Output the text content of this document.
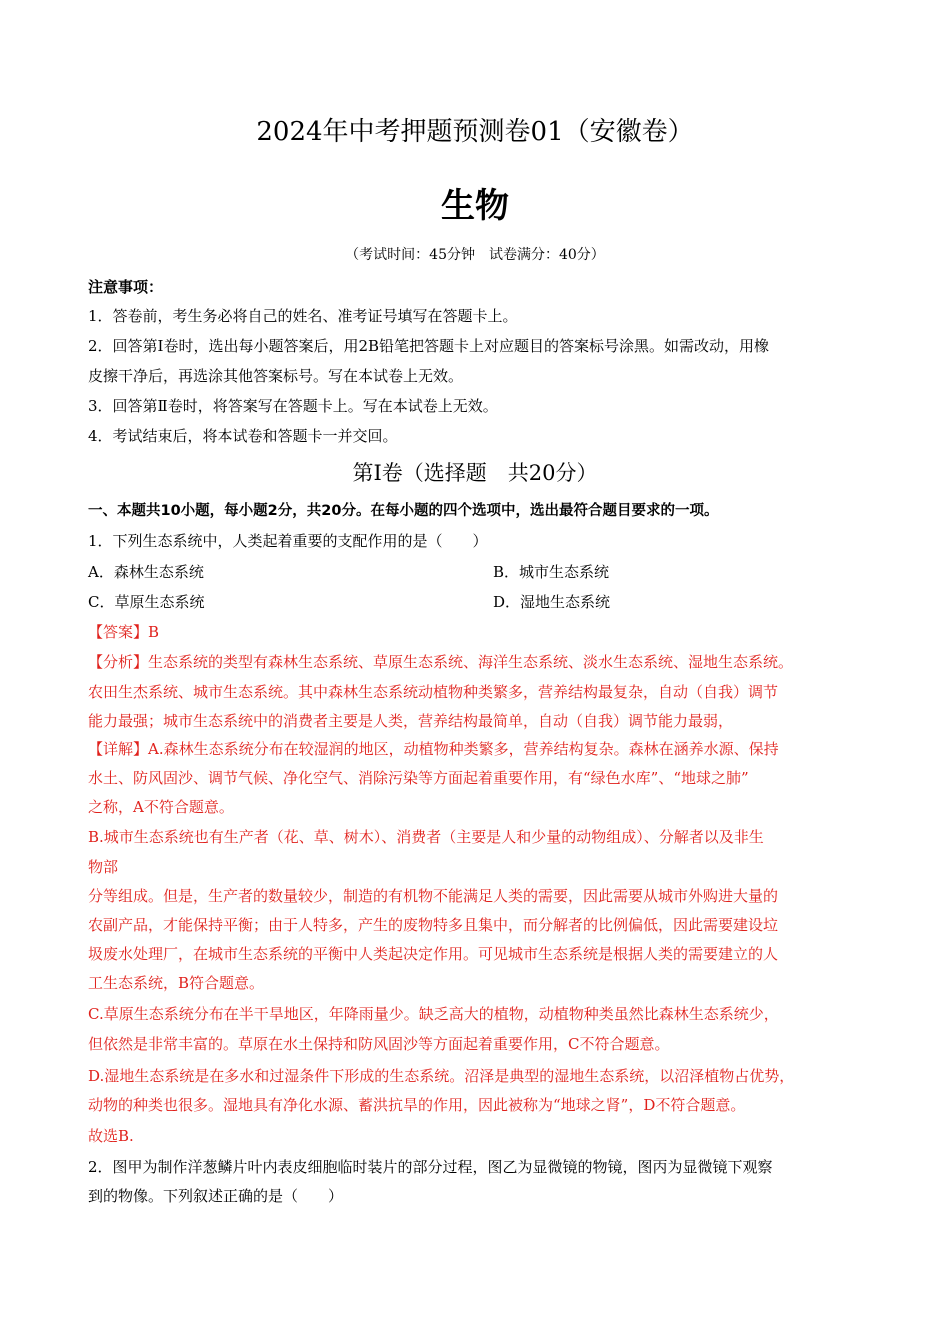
2024年中考押题预测卷01（安徽卷）
生物
（考试时间：45分钟　试卷满分：40分）
注意事项：
1．答卷前，考生务必将自己的姓名、准考证号填写在答题卡上。
2．回答第Ⅰ卷时，选出每小题答案后，用2B铅笔把答题卡上对应题目的答案标号涂黑。如需改动，用橡
皮擦干净后，再选涂其他答案标号。写在本试卷上无效。
3．回答第Ⅱ卷时，将答案写在答题卡上。写在本试卷上无效。
4．考试结束后，将本试卷和答题卡一并交回。
第Ⅰ卷（选择题　共20分）
一、本题共10小题，每小题2分，共20分。在每小题的四个选项中，选出最符合题目要求的一项。
1．下列生态系统中，人类起着重要的支配作用的是（　　）
A．森林生态系统	B．城市生态系统
C．草原生态系统	D．湿地生态系统
【答案】B
【分析】生态系统的类型有森林生态系统、草原生态系统、海洋生态系统、淡水生态系统、湿地生态系统。
农田生杰系统、城市生态系统。其中森林生态系统动植物种类繁多，营养结构最复杂，自动（自我）调节
能力最强；城市生态系统中的消费者主要是人类，营养结构最简单，自动（自我）调节能力最弱，
【详解】A.森林生态系统分布在较湿润的地区，动植物种类繁多，营养结构复杂。森林在涵养水源、保持
水土、防风固沙、调节气候、净化空气、消除污染等方面起着重要作用，有“绿色水库”、“地球之肺”
之称，A不符合题意。
B.城市生态系统也有生产者（花、草、树木）、消费者（主要是人和少量的动物组成）、分解者以及非生
物部
分等组成。但是，生产者的数量较少，制造的有机物不能满足人类的需要，因此需要从城市外购进大量的
农副产品，才能保持平衡；由于人特多，产生的废物特多且集中，而分解者的比例偏低，因此需要建设垃
圾废水处理厂，在城市生态系统的平衡中人类起决定作用。可见城市生态系统是根据人类的需要建立的人
工生态系统，B符合题意。
C.草原生态系统分布在半干旱地区，年降雨量少。缺乏高大的植物，动植物种类虽然比森林生态系统少，
但依然是非常丰富的。草原在水土保持和防风固沙等方面起着重要作用，C不符合题意。
D.湿地生态系统是在多水和过湿条件下形成的生态系统。沼泽是典型的湿地生态系统，以沼泽植物占优势，
动物的种类也很多。湿地具有净化水源、蓄洪抗旱的作用，因此被称为“地球之肾”，D不符合题意。
故选B.
2．图甲为制作洋葱鳞片叶内表皮细胞临时装片的部分过程，图乙为显微镜的物镜，图丙为显微镜下观察
到的物像。下列叙述正确的是（　　）
